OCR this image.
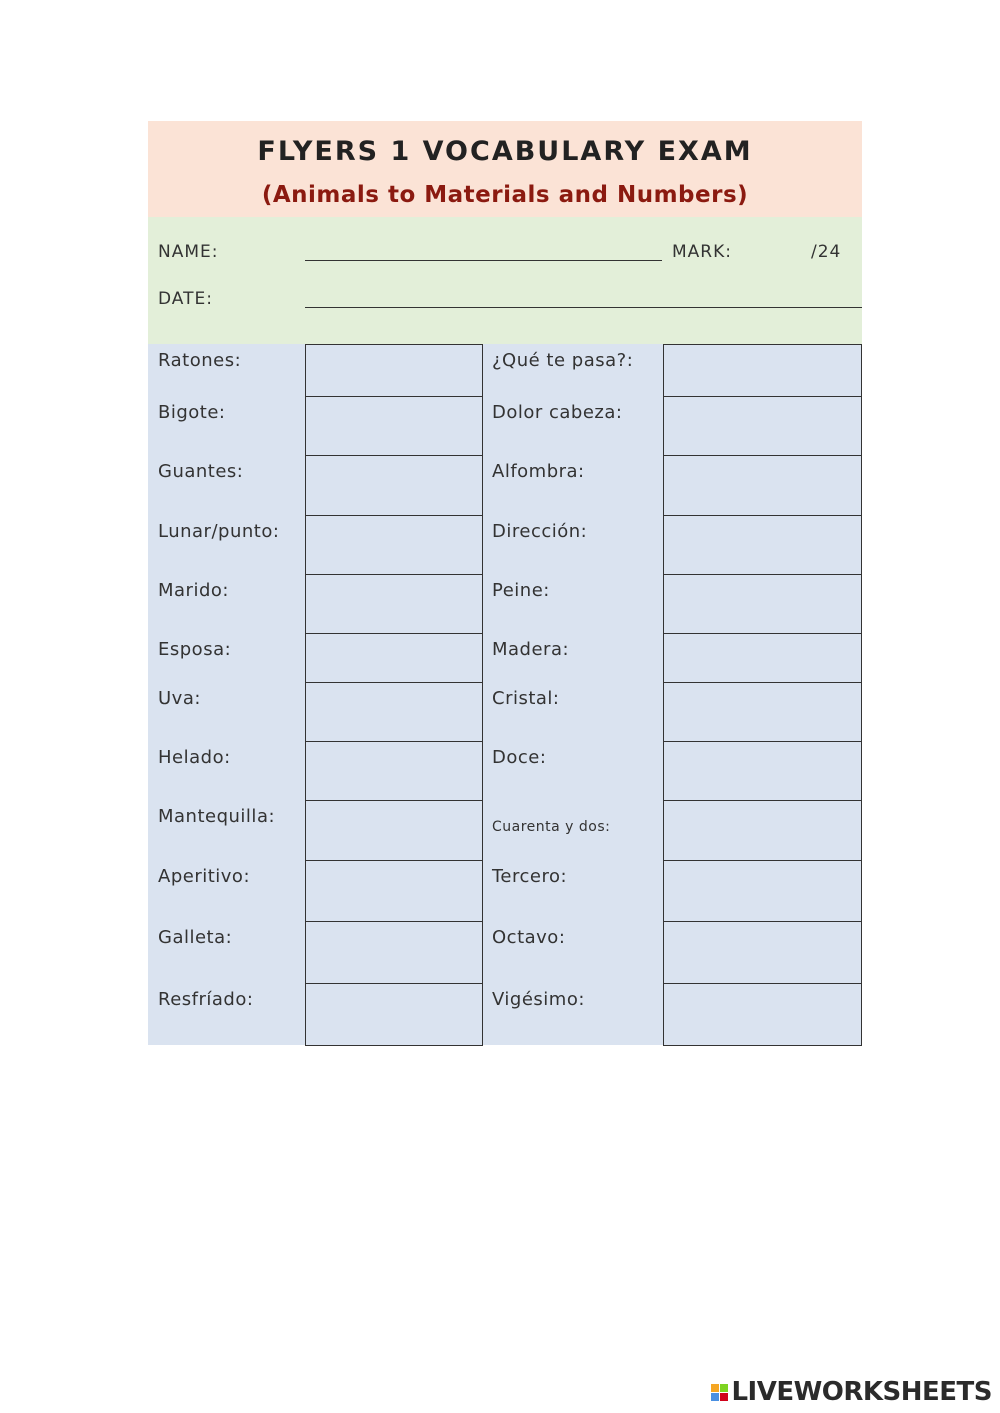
FLYERS 1 VOCABULARY EXAM
(Animals to Materials and Numbers)
NAME:	MARK:	/24
DATE:
Ratones:	¿Qué te pasa?:
Bigote:	Dolor cabeza:
Guantes:	Alfombra:
Lunar/punto:	Dirección:
Marido:	Peine:
Esposa:	Madera:
Uva:	Cristal:
Helado:	Doce:
Mantequilla:	Cuarenta y dos:
Aperitivo:	Tercero:
Galleta:	Octavo:
Resfríado:	Vigésimo:
LIVEWORKSHEETS
